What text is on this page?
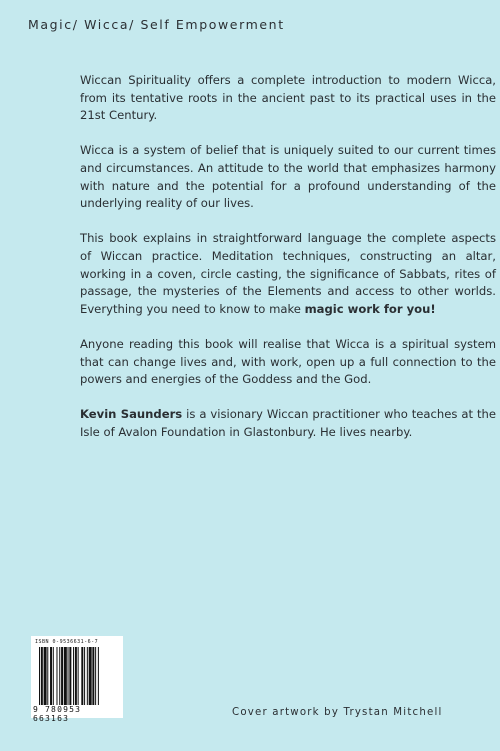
Magic/ Wicca/ Self Empowerment

Wiccan Spirituality offers a complete introduction to modern Wicca, from its tentative roots in the ancient past to its practical uses in the 21st Century.

Wicca is a system of belief that is uniquely suited to our current times and circumstances. An attitude to the world that emphasizes harmony with nature and the potential for a profound understanding of the underlying reality of our lives.

This book explains in straightforward language the complete aspects of Wiccan practice. Meditation techniques, constructing an altar, working in a coven, circle casting, the significance of Sabbats, rites of passage, the mysteries of the Elements and access to other worlds. Everything you need to know to make magic work for you!

Anyone reading this book will realise that Wicca is a spiritual system that can change lives and, with work, open up a full connection to the powers and energies of the Goddess and the God.

Kevin Saunders is a visionary Wiccan practitioner who teaches at the Isle of Avalon Foundation in Glastonbury. He lives nearby.

ISBN 0-9536631-6-7
9 780953 663163
Cover artwork by Trystan Mitchell
